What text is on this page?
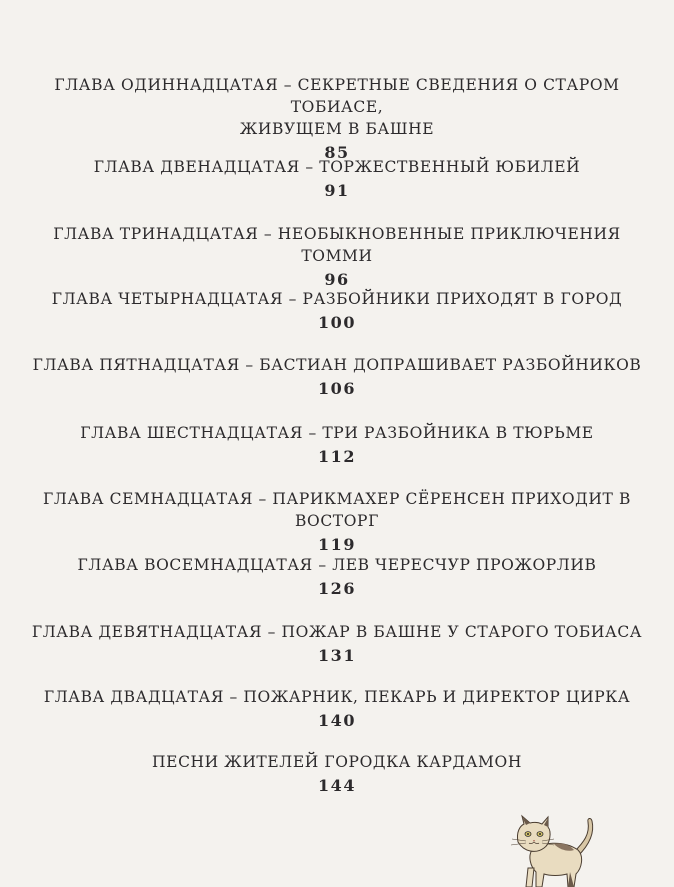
ГЛАВА ОДИННАДЦАТАЯ – СЕКРЕТНЫЕ СВЕДЕНИЯ О СТАРОМ ТОБИАСЕ,
ЖИВУЩЕМ В БАШНЕ
85
ГЛАВА ДВЕНАДЦАТАЯ – ТОРЖЕСТВЕННЫЙ ЮБИЛЕЙ
91
ГЛАВА ТРИНАДЦАТАЯ – НЕОБЫКНОВЕННЫЕ ПРИКЛЮЧЕНИЯ ТОММИ
96
ГЛАВА ЧЕТЫРНАДЦАТАЯ – РАЗБОЙНИКИ ПРИХОДЯТ В ГОРОД
100
ГЛАВА ПЯТНАДЦАТАЯ – БАСТИАН ДОПРАШИВАЕТ РАЗБОЙНИКОВ
106
ГЛАВА ШЕСТНАДЦАТАЯ – ТРИ РАЗБОЙНИКА В ТЮРЬМЕ
112
ГЛАВА СЕМНАДЦАТАЯ – ПАРИКМАХЕР СЁРЕНСЕН ПРИХОДИТ В ВОСТОРГ
119
ГЛАВА ВОСЕМНАДЦАТАЯ – ЛЕВ ЧЕРЕСЧУР ПРОЖОРЛИВ
126
ГЛАВА ДЕВЯТНАДЦАТАЯ – ПОЖАР В БАШНЕ У СТАРОГО ТОБИАСА
131
ГЛАВА ДВАДЦАТАЯ – ПОЖАРНИК, ПЕКАРЬ И ДИРЕКТОР ЦИРКА
140
ПЕСНИ ЖИТЕЛЕЙ ГОРОДКА КАРДАМОН
144
